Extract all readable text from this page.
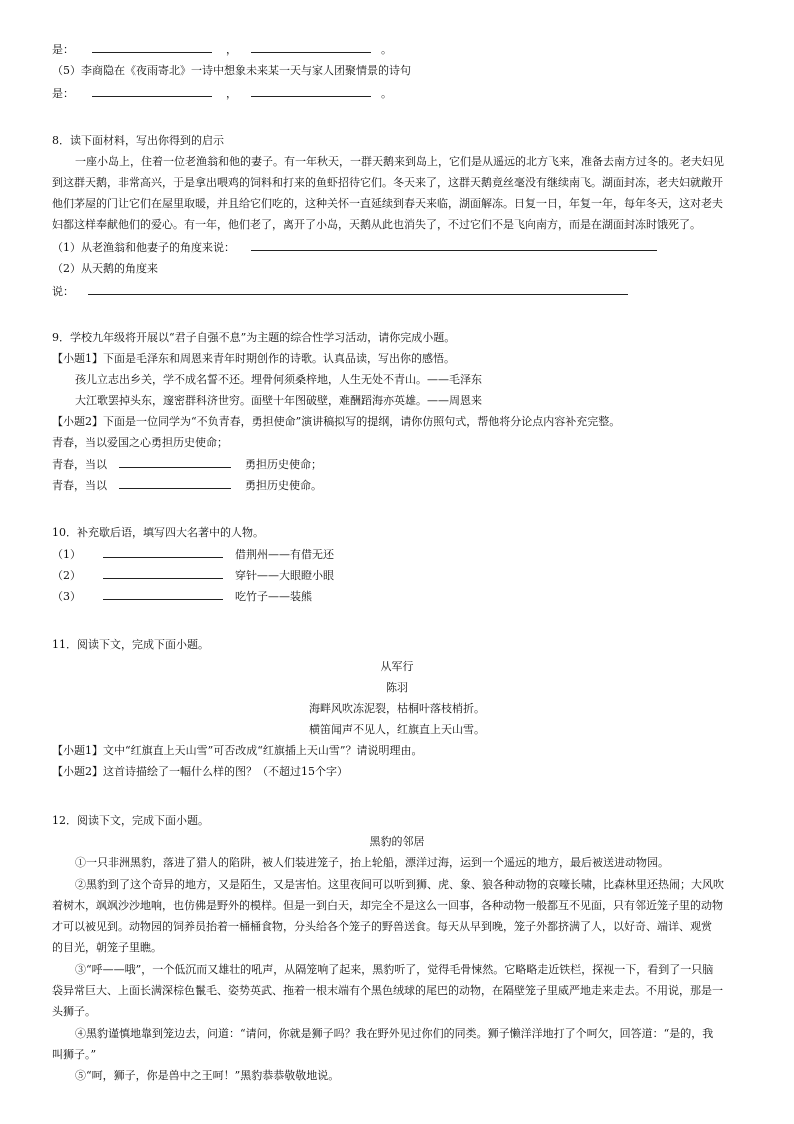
是：	，	。
（5）李商隐在《夜雨寄北》一诗中想象未来某一天与家人团聚情景的诗句
是：	，	。
8．读下面材料，写出你得到的启示
一座小岛上，住着一位老渔翁和他的妻子。有一年秋天，一群天鹅来到岛上，它们是从遥远的北方飞来，准备去南方过冬的。老夫妇见
到这群天鹅，非常高兴，于是拿出喂鸡的饲料和打来的鱼虾招待它们。冬天来了，这群天鹅竟丝毫没有继续南飞。湖面封冻，老夫妇就敞开
他们茅屋的门让它们在屋里取暖，并且给它们吃的，这种关怀一直延续到春天来临，湖面解冻。日复一日，年复一年，每年冬天，这对老夫
妇都这样奉献他们的爱心。有一年，他们老了，离开了小岛，天鹅从此也消失了，不过它们不是飞向南方，而是在湖面封冻时饿死了。
（1）从老渔翁和他妻子的角度来说：
（2）从天鹅的角度来
说：
9．学校九年级将开展以“君子自强不息”为主题的综合性学习活动，请你完成小题。
【小题1】下面是毛泽东和周恩来青年时期创作的诗歌。认真品读，写出你的感悟。
孩儿立志出乡关，学不成名誓不还。埋骨何须桑梓地，人生无处不青山。——毛泽东
大江歌罢掉头东，邃密群科济世穷。面壁十年图破壁，难酬蹈海亦英雄。——周恩来
【小题2】下面是一位同学为“不负青春，勇担使命”演讲稿拟写的提纲，请你仿照句式，帮他将分论点内容补充完整。
青春，当以爱国之心勇担历史使命；
青春，当以	勇担历史使命；
青春，当以	勇担历史使命。
10．补充歇后语，填写四大名著中的人物。
（1）	借荆州——有借无还
（2）	穿针——大眼瞪小眼
（3）	吃竹子——装熊
11．阅读下文，完成下面小题。
从军行
陈羽
海畔风吹冻泥裂，枯桐叶落枝梢折。
横笛闻声不见人，红旗直上天山雪。
【小题1】文中“红旗直上天山雪”可否改成“红旗插上天山雪”？请说明理由。
【小题2】这首诗描绘了一幅什么样的图？（不超过15个字）
12．阅读下文，完成下面小题。
黑豹的邻居
①一只非洲黑豹，落进了猎人的陷阱，被人们装进笼子，抬上轮船，漂洋过海，运到一个遥远的地方，最后被送进动物园。
②黑豹到了这个奇异的地方，又是陌生，又是害怕。这里夜间可以听到狮、虎、象、狼各种动物的哀嚎长啸，比森林里还热闹；大风吹
着树木，飒飒沙沙地响，也仿佛是野外的模样。但是一到白天，却完全不是这么一回事，各种动物一般都互不见面，只有邻近笼子里的动物
才可以被见到。动物园的饲养员抬着一桶桶食物，分头给各个笼子的野兽送食。每天从早到晚，笼子外都挤满了人，以好奇、端详、观赏
的目光，朝笼子里瞧。
③“呼——哦”，一个低沉而又雄壮的吼声，从隔笼响了起来，黑豹听了，觉得毛骨悚然。它略略走近铁栏，探视一下，看到了一只脑
袋异常巨大、上面长满深棕色鬣毛、姿势英武、拖着一根末端有个黑色绒球的尾巴的动物，在隔壁笼子里威严地走来走去。不用说，那是一
头狮子。
④黑豹谨慎地靠到笼边去，问道：“请问，你就是狮子吗？我在野外见过你们的同类。狮子懒洋洋地打了个呵欠，回答道：“是的，我
叫狮子。”
⑤“呵，狮子，你是兽中之王呵！”黑豹恭恭敬敬地说。
